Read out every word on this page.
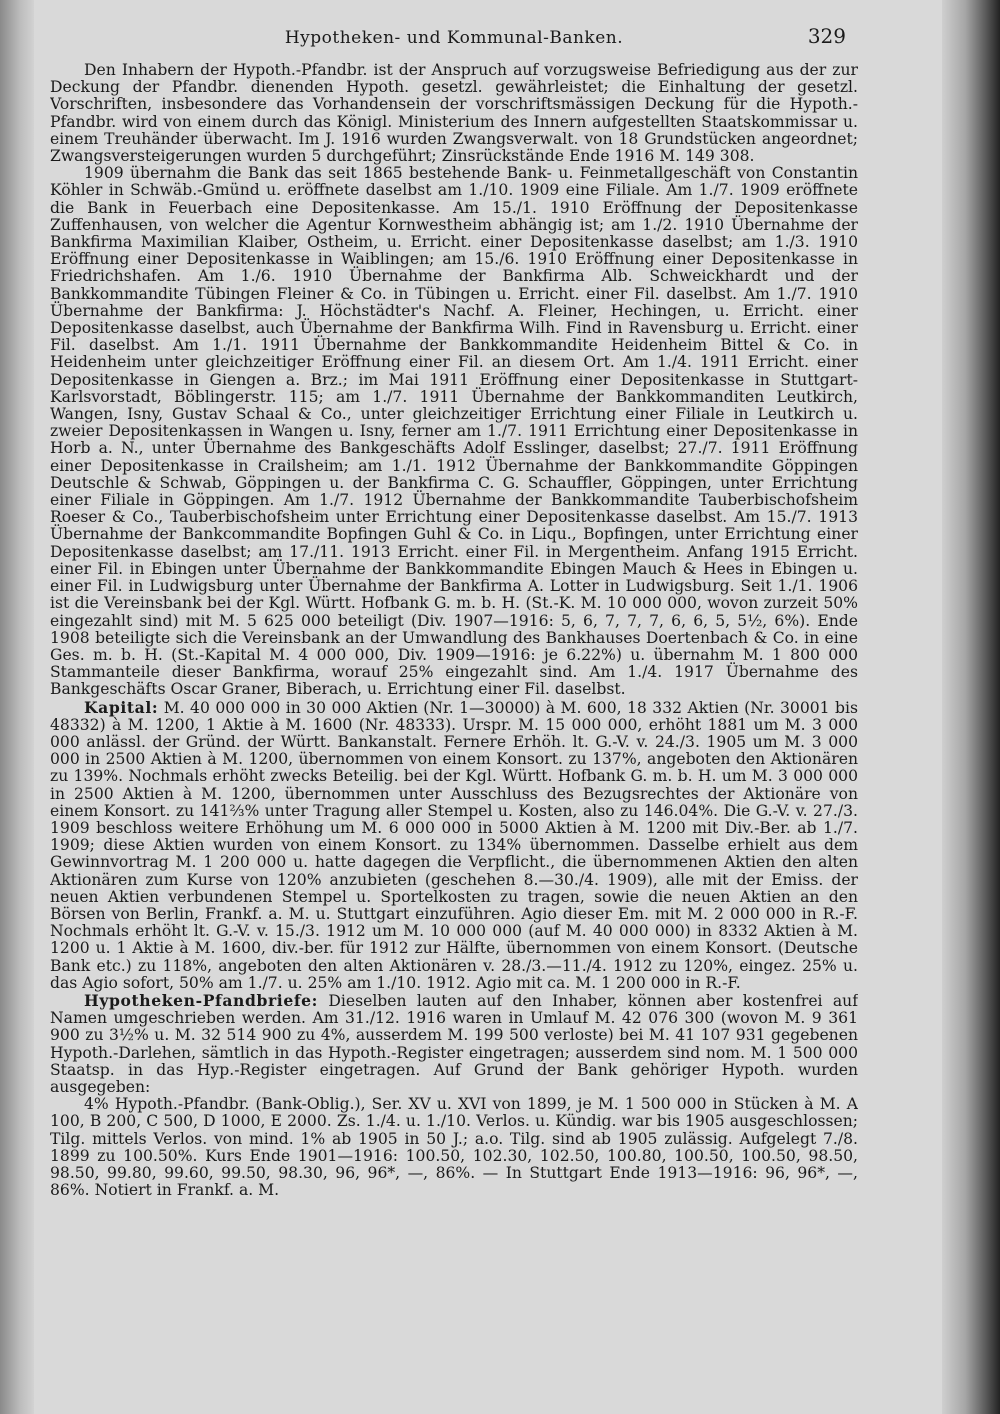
Hypotheken- und Kommunal-Banken.	329

Den Inhabern der Hypoth.-Pfandbr. ist der Anspruch auf vorzugsweise Befriedigung aus der zur Deckung der Pfandbr. dienenden Hypoth. gesetzl. gewährleistet; die Einhaltung der gesetzl. Vorschriften, insbesondere das Vorhandensein der vorschriftsmässigen Deckung für die Hypoth.-Pfandbr. wird von einem durch das Königl. Ministerium des Innern aufgestellten Staatskommissar u. einem Treuhänder überwacht. Im J. 1916 wurden Zwangsverwalt. von 18 Grundstücken angeordnet; Zwangsversteigerungen wurden 5 durchgeführt; Zinsrückstände Ende 1916 M. 149 308.

1909 übernahm die Bank das seit 1865 bestehende Bank- u. Feinmetallgeschäft von Constantin Köhler in Schwäb.-Gmünd u. eröffnete daselbst am 1./10. 1909 eine Filiale. Am 1./7. 1909 eröffnete die Bank in Feuerbach eine Depositenkasse. Am 15./1. 1910 Eröffnung der Depositenkasse Zuffenhausen, von welcher die Agentur Kornwestheim abhängig ist; am 1./2. 1910 Übernahme der Bankfirma Maximilian Klaiber, Ostheim, u. Erricht. einer Depositenkasse daselbst; am 1./3. 1910 Eröffnung einer Depositenkasse in Waiblingen; am 15./6. 1910 Eröffnung einer Depositenkasse in Friedrichshafen. Am 1./6. 1910 Übernahme der Bankfirma Alb. Schweickhardt und der Bankkommandite Tübingen Fleiner & Co. in Tübingen u. Erricht. einer Fil. daselbst. Am 1./7. 1910 Übernahme der Bankfirma: J. Höchstädter's Nachf. A. Fleiner, Hechingen, u. Erricht. einer Depositenkasse daselbst, auch Übernahme der Bankfirma Wilh. Find in Ravensburg u. Erricht. einer Fil. daselbst. Am 1./1. 1911 Übernahme der Bankkommandite Heidenheim Bittel & Co. in Heidenheim unter gleichzeitiger Eröffnung einer Fil. an diesem Ort. Am 1./4. 1911 Erricht. einer Depositenkasse in Giengen a. Brz.; im Mai 1911 Eröffnung einer Depositenkasse in Stuttgart-Karlsvorstadt, Böblingerstr. 115; am 1./7. 1911 Übernahme der Bankkommanditen Leutkirch, Wangen, Isny, Gustav Schaal & Co., unter gleichzeitiger Errichtung einer Filiale in Leutkirch u. zweier Depositenkassen in Wangen u. Isny, ferner am 1./7. 1911 Errichtung einer Depositenkasse in Horb a. N., unter Übernahme des Bankgeschäfts Adolf Esslinger, daselbst; 27./7. 1911 Eröffnung einer Depositenkasse in Crailsheim; am 1./1. 1912 Übernahme der Bankkommandite Göppingen Deutschle & Schwab, Göppingen u. der Bankfirma C. G. Schauffler, Göppingen, unter Errichtung einer Filiale in Göppingen. Am 1./7. 1912 Übernahme der Bankkommandite Tauberbischofsheim Roeser & Co., Tauberbischofsheim unter Errichtung einer Depositenkasse daselbst. Am 15./7. 1913 Übernahme der Bankcommandite Bopfingen Guhl & Co. in Liqu., Bopfingen, unter Errichtung einer Depositenkasse daselbst; am 17./11. 1913 Erricht. einer Fil. in Mergentheim. Anfang 1915 Erricht. einer Fil. in Ebingen unter Übernahme der Bankkommandite Ebingen Mauch & Hees in Ebingen u. einer Fil. in Ludwigsburg unter Übernahme der Bankfirma A. Lotter in Ludwigsburg. Seit 1./1. 1906 ist die Vereinsbank bei der Kgl. Württ. Hofbank G. m. b. H. (St.-K. M. 10 000 000, wovon zurzeit 50% eingezahlt sind) mit M. 5 625 000 beteiligt (Div. 1907—1916: 5, 6, 7, 7, 7, 6, 6, 5, 5½, 6%). Ende 1908 beteiligte sich die Vereinsbank an der Umwandlung des Bankhauses Doertenbach & Co. in eine Ges. m. b. H. (St.-Kapital M. 4 000 000, Div. 1909—1916: je 6.22%) u. übernahm M. 1 800 000 Stammanteile dieser Bankfirma, worauf 25% eingezahlt sind. Am 1./4. 1917 Übernahme des Bankgeschäfts Oscar Graner, Biberach, u. Errichtung einer Fil. daselbst.

Kapital: M. 40 000 000 in 30 000 Aktien (Nr. 1—30000) à M. 600, 18 332 Aktien (Nr. 30001 bis 48332) à M. 1200, 1 Aktie à M. 1600 (Nr. 48333). Urspr. M. 15 000 000, erhöht 1881 um M. 3 000 000 anlässl. der Gründ. der Württ. Bankanstalt. Fernere Erhöh. lt. G.-V. v. 24./3. 1905 um M. 3 000 000 in 2500 Aktien à M. 1200, übernommen von einem Konsort. zu 137%, angeboten den Aktionären zu 139%. Nochmals erhöht zwecks Beteilig. bei der Kgl. Württ. Hofbank G. m. b. H. um M. 3 000 000 in 2500 Aktien à M. 1200, übernommen unter Ausschluss des Bezugsrechtes der Aktionäre von einem Konsort. zu 141⅔% unter Tragung aller Stempel u. Kosten, also zu 146.04%. Die G.-V. v. 27./3. 1909 beschloss weitere Erhöhung um M. 6 000 000 in 5000 Aktien à M. 1200 mit Div.-Ber. ab 1./7. 1909; diese Aktien wurden von einem Konsort. zu 134% übernommen. Dasselbe erhielt aus dem Gewinnvortrag M. 1 200 000 u. hatte dagegen die Verpflicht., die übernommenen Aktien den alten Aktionären zum Kurse von 120% anzubieten (geschehen 8.—30./4. 1909), alle mit der Emiss. der neuen Aktien verbundenen Stempel u. Sportelkosten zu tragen, sowie die neuen Aktien an den Börsen von Berlin, Frankf. a. M. u. Stuttgart einzuführen. Agio dieser Em. mit M. 2 000 000 in R.-F. Nochmals erhöht lt. G.-V. v. 15./3. 1912 um M. 10 000 000 (auf M. 40 000 000) in 8332 Aktien à M. 1200 u. 1 Aktie à M. 1600, div.-ber. für 1912 zur Hälfte, übernommen von einem Konsort. (Deutsche Bank etc.) zu 118%, angeboten den alten Aktionären v. 28./3.—11./4. 1912 zu 120%, eingez. 25% u. das Agio sofort, 50% am 1./7. u. 25% am 1./10. 1912. Agio mit ca. M. 1 200 000 in R.-F.

Hypotheken-Pfandbriefe: Dieselben lauten auf den Inhaber, können aber kostenfrei auf Namen umgeschrieben werden. Am 31./12. 1916 waren in Umlauf M. 42 076 300 (wovon M. 9 361 900 zu 3½% u. M. 32 514 900 zu 4%, ausserdem M. 199 500 verloste) bei M. 41 107 931 gegebenen Hypoth.-Darlehen, sämtlich in das Hypoth.-Register eingetragen; ausserdem sind nom. M. 1 500 000 Staatsp. in das Hyp.-Register eingetragen. Auf Grund der Bank gehöriger Hypoth. wurden ausgegeben:

4% Hypoth.-Pfandbr. (Bank-Oblig.), Ser. XV u. XVI von 1899, je M. 1 500 000 in Stücken à M. A 100, B 200, C 500, D 1000, E 2000. Zs. 1./4. u. 1./10. Verlos. u. Kündig. war bis 1905 ausgeschlossen; Tilg. mittels Verlos. von mind. 1% ab 1905 in 50 J.; a.o. Tilg. sind ab 1905 zulässig. Aufgelegt 7./8. 1899 zu 100.50%. Kurs Ende 1901—1916: 100.50, 102.30, 102.50, 100.80, 100.50, 100.50, 98.50, 98.50, 99.80, 99.60, 99.50, 98.30, 96, 96*, —, 86%. — In Stuttgart Ende 1913—1916: 96, 96*, —, 86%. Notiert in Frankf. a. M.
